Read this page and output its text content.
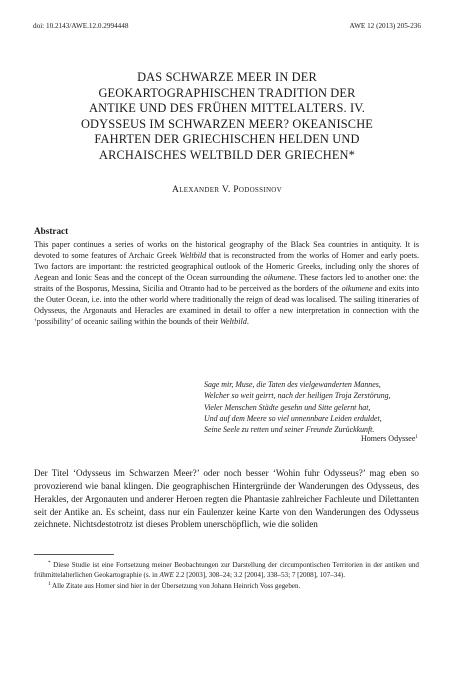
doi: 10.2143/AWE.12.0.2994448	AWE 12 (2013) 205-236
DAS SCHWARZE MEER IN DER
GEOKARTOGRAPHISCHEN TRADITION DER
ANTIKE UND DES FRÜHEN MITTELALTERS. IV.
ODYSSEUS IM SCHWARZEN MEER? OKEANISCHE
FAHRTEN DER GRIECHISCHEN HELDEN UND
ARCHAISCHES WELTBILD DER GRIECHEN*
Alexander V. Podossinov
Abstract

This paper continues a series of works on the historical geography of the Black Sea countries in antiquity. It is devoted to some features of Archaic Greek Weltbild that is reconstructed from the works of Homer and early poets. Two factors are important: the restricted geographical outlook of the Homeric Greeks, including only the shores of Aegean and Ionic Seas and the concept of the Ocean surrounding the oikumene. These factors led to another one: the straits of the Bosporus, Messina, Sicilia and Otranto had to be perceived as the borders of the oikumene and exits into the Outer Ocean, i.e. into the other world where traditionally the reign of dead was localised. The sailing itineraries of Odysseus, the Argonauts and Heracles are examined in detail to offer a new interpretation in connection with the ‘possibility’ of oceanic sailing within the bounds of their Weltbild.

Sage mir, Muse, die Taten des vielgewanderten Mannes,
Welcher so weit geirrt, nach der heiligen Troja Zerstörung,
Vieler Menschen Städte gesehn und Sitte gelernt hat,
Und auf dem Meere so viel unnennbare Leiden erduldet,
Seine Seele zu retten und seiner Freunde Zurückkunft.
Homers Odyssee$^1$

Der Titel ‘Odysseus im Schwarzen Meer?’ oder noch besser ‘Wohin fuhr Odysseus?’ mag eben so provozierend wie banal klingen. Die geographischen Hintergründe der Wanderungen des Odysseus, des Herakles, der Argonauten und anderer Heroen regten die Phantasie zahlreicher Fachleute und Dilettanten seit der Antike an. Es scheint, dass nur ein Faulenzer keine Karte von den Wanderungen des Odysseus zeichnete. Nichtsdestotrotz ist dieses Problem unerschöpflich, wie die soliden

* Diese Studie ist eine Fortsetzung meiner Beobachtungen zur Darstellung der circumpontischen Territorien in der antiken und frühmittelalterlichen Geokartographie (s. in AWE 2.2 [2003], 308–24; 3.2 [2004], 338–53; 7 [2008], 107–34).

$^1$ Alle Zitate aus Homer sind hier in der Übersetzung von Johann Heinrich Voss gegeben.
